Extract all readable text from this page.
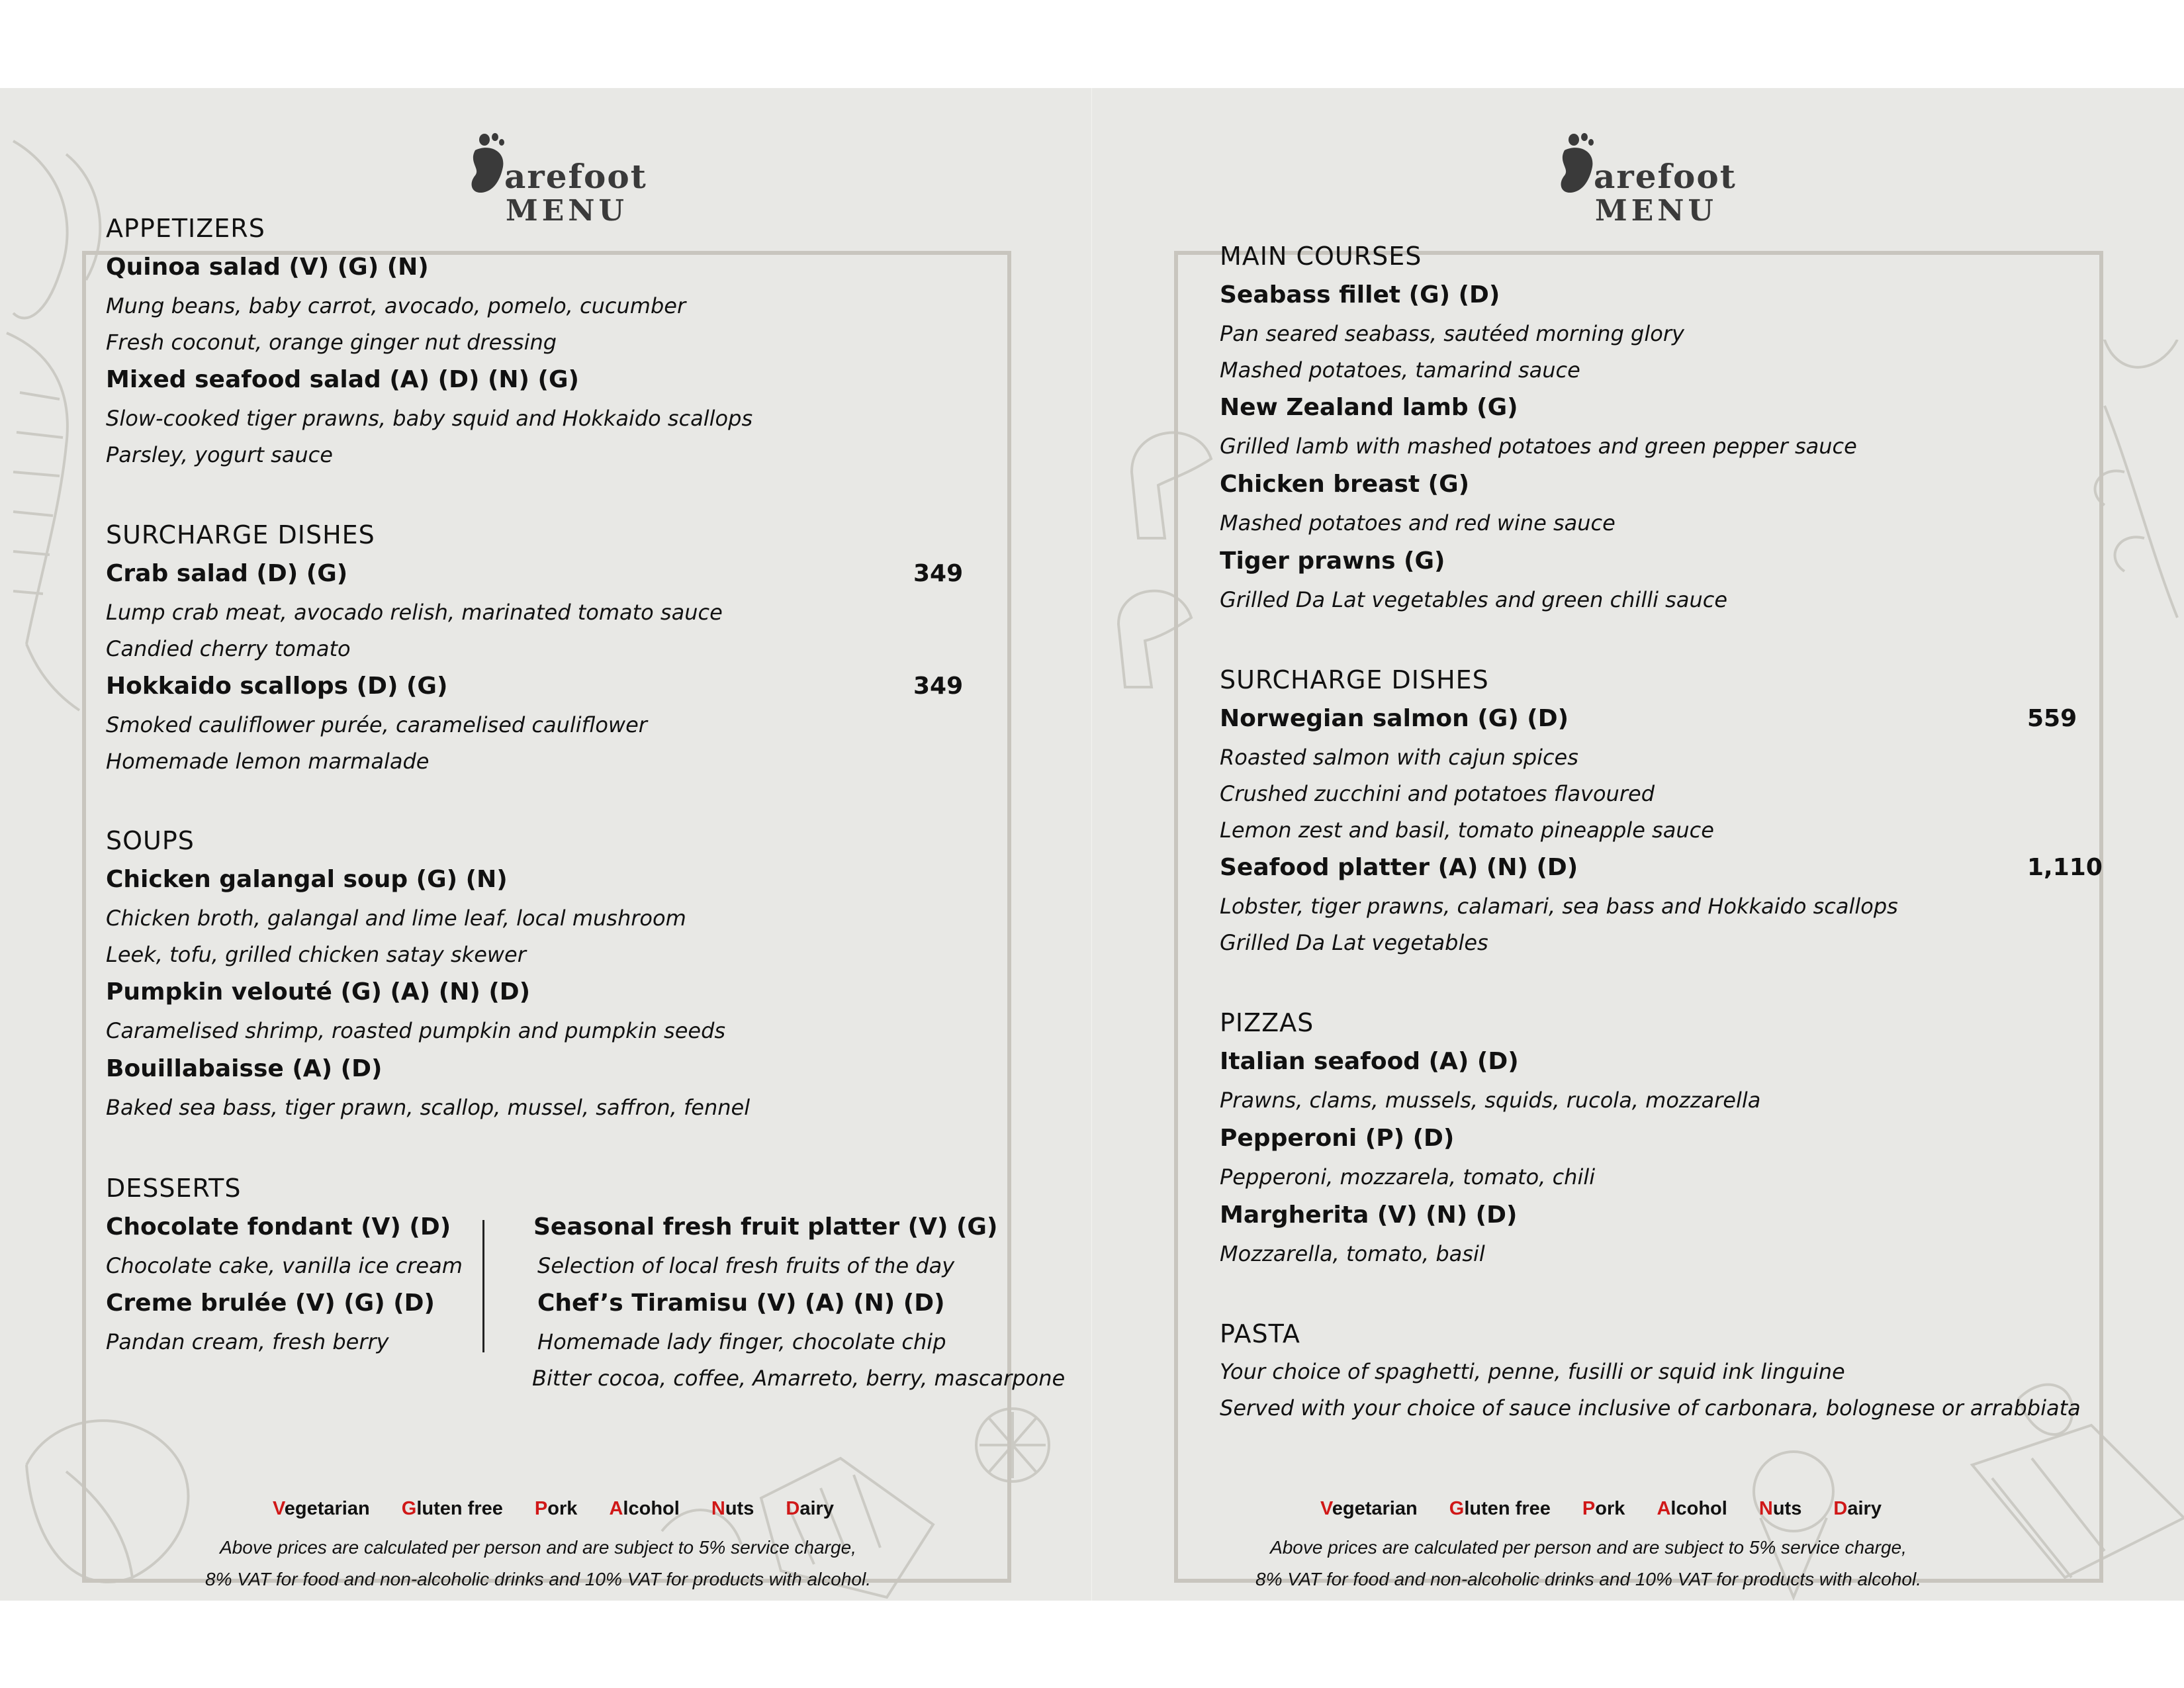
arefoot
MENU
APPETIZERS
Quinoa salad (V) (G) (N)
Mung beans, baby carrot, avocado, pomelo, cucumber
Fresh coconut, orange ginger nut dressing
Mixed seafood salad (A) (D) (N) (G)
Slow-cooked tiger prawns, baby squid and Hokkaido scallops
Parsley, yogurt sauce
SURCHARGE DISHES
Crab salad (D) (G)	349
Lump crab meat, avocado relish, marinated tomato sauce
Candied cherry tomato
Hokkaido scallops (D) (G)	349
Smoked cauliflower purée, caramelised cauliflower
Homemade lemon marmalade
SOUPS
Chicken galangal soup (G) (N)
Chicken broth, galangal and lime leaf, local mushroom
Leek, tofu, grilled chicken satay skewer
Pumpkin velouté (G) (A) (N) (D)
Caramelised shrimp, roasted pumpkin and pumpkin seeds
Bouillabaisse (A) (D)
Baked sea bass, tiger prawn, scallop, mussel, saffron, fennel
DESSERTS
Chocolate fondant (V) (D)
Chocolate cake, vanilla ice cream
Creme brulée (V) (G) (D)
Pandan cream, fresh berry
Seasonal fresh fruit platter (V) (G)
Selection of local fresh fruits of the day
Chef’s Tiramisu (V) (A) (N) (D)
Homemade lady finger, chocolate chip
Bitter cocoa, coffee, Amarreto, berry, mascarpone
Vegetarian Gluten free Pork Alcohol Nuts Dairy
Above prices are calculated per person and are subject to 5% service charge,
8% VAT for food and non-alcoholic drinks and 10% VAT for products with alcohol.
arefoot
MENU
MAIN COURSES
Seabass fillet (G) (D)
Pan seared seabass, sautéed morning glory
Mashed potatoes, tamarind sauce
New Zealand lamb (G)
Grilled lamb with mashed potatoes and green pepper sauce
Chicken breast (G)
Mashed potatoes and red wine sauce
Tiger prawns (G)
Grilled Da Lat vegetables and green chilli sauce
SURCHARGE DISHES
Norwegian salmon (G) (D)	559
Roasted salmon with cajun spices
Crushed zucchini and potatoes flavoured
Lemon zest and basil, tomato pineapple sauce
Seafood platter (A) (N) (D)	1,110
Lobster, tiger prawns, calamari, sea bass and Hokkaido scallops
Grilled Da Lat vegetables
PIZZAS
Italian seafood (A) (D)
Prawns, clams, mussels, squids, rucola, mozzarella
Pepperoni (P) (D)
Pepperoni, mozzarela, tomato, chili
Margherita (V) (N) (D)
Mozzarella, tomato, basil
PASTA
Your choice of spaghetti, penne, fusilli or squid ink linguine
Served with your choice of sauce inclusive of carbonara, bolognese or arrabbiata
Vegetarian Gluten free Pork Alcohol Nuts Dairy
Above prices are calculated per person and are subject to 5% service charge,
8% VAT for food and non-alcoholic drinks and 10% VAT for products with alcohol.
